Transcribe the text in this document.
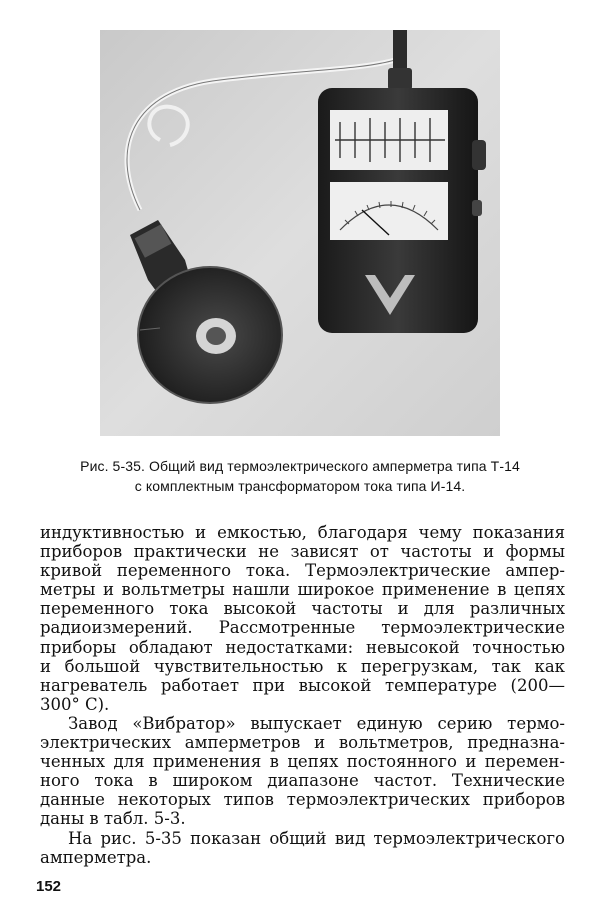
Рис. 5-35. Общий вид термоэлектрического амперметра типа Т-14
с комплектным трансформатором тока типа И-14.
индуктивностью и емкостью, благодаря чему показания
приборов практически не зависят от частоты и формы
кривой переменного тока. Термоэлектрические ампер-
метры и вольтметры нашли широкое применение в цепях
переменного тока высокой частоты и для различных
радиоизмерений. Рассмотренные термоэлектрические
приборы обладают недостатками: невысокой точностью
и большой чувствительностью к перегрузкам, так как
нагреватель работает при высокой температуре (200—
300° С).
Завод «Вибратор» выпускает единую серию термо-
электрических амперметров и вольтметров, предназна-
ченных для применения в цепях постоянного и перемен-
ного тока в широком диапазоне частот. Технические
данные некоторых типов термоэлектрических приборов
даны в табл. 5-3.
На рис. 5-35 показан общий вид термоэлектрического
амперметра.
152
